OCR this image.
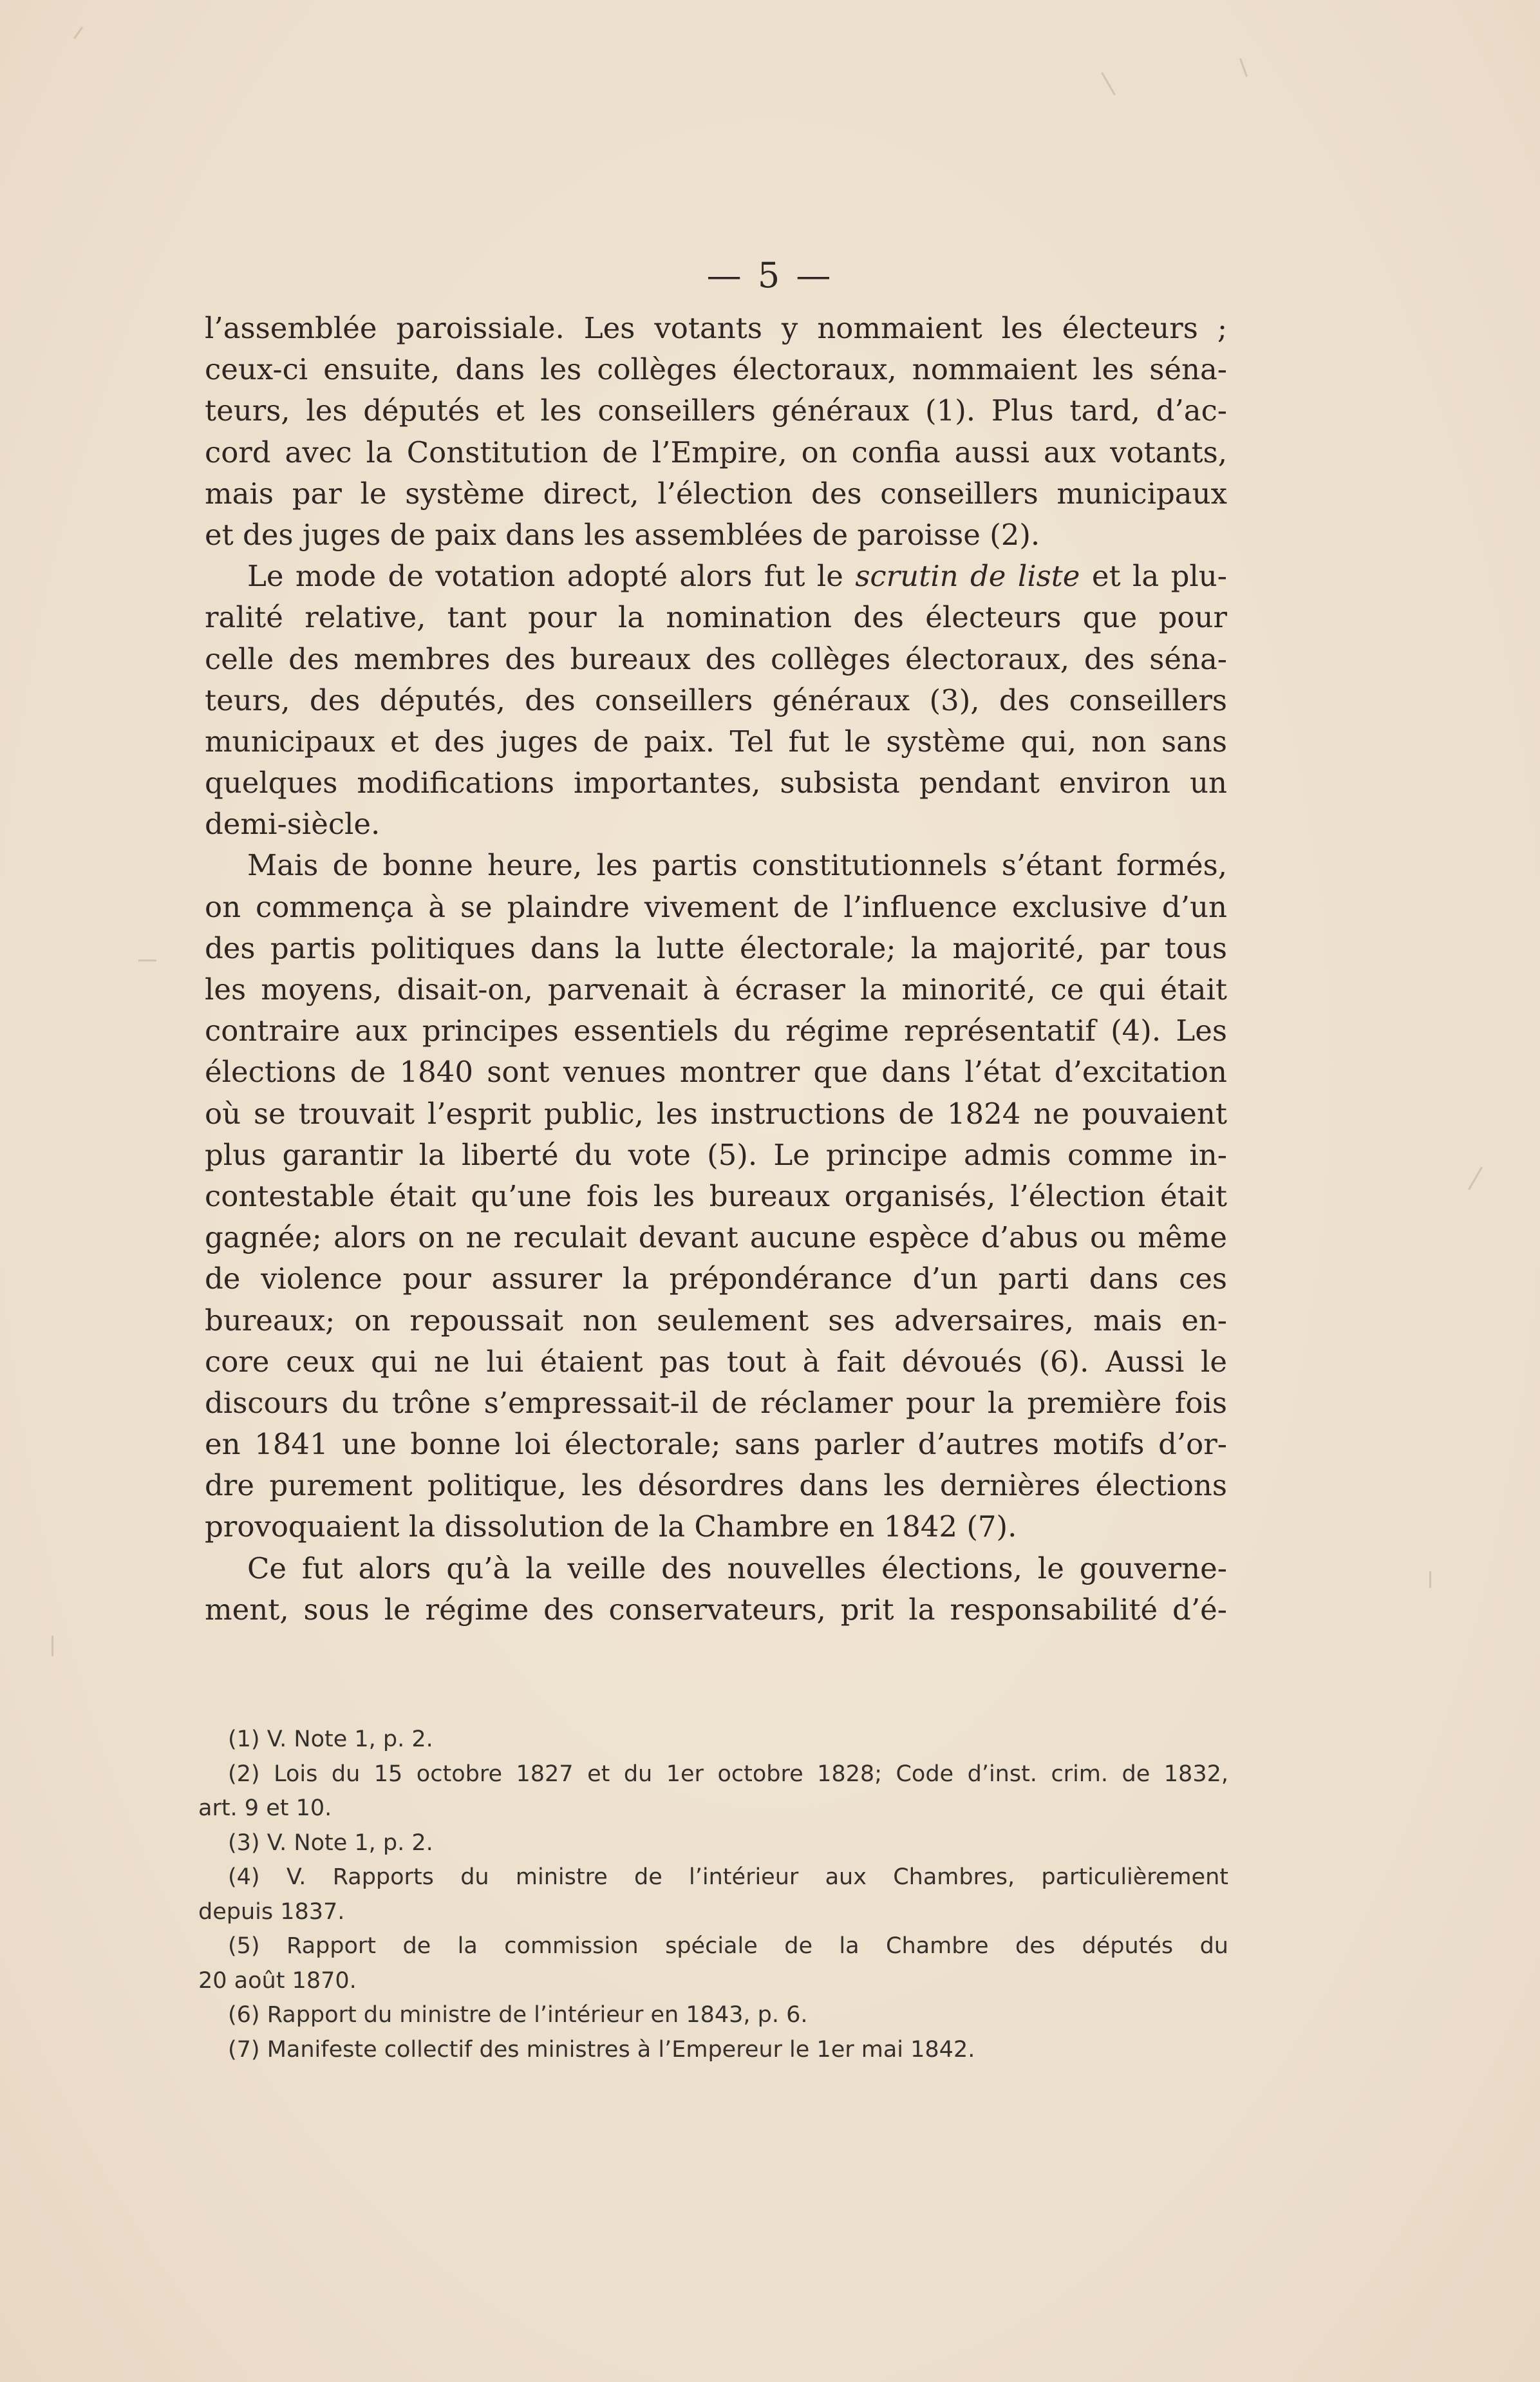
— 5 —
l’assemblée paroissiale. Les votants y nommaient les électeurs ;
ceux-ci ensuite, dans les collèges électoraux, nommaient les séna-
teurs, les députés et les conseillers généraux (1). Plus tard, d’ac-
cord avec la Constitution de l’Empire, on confia aussi aux votants,
mais par le système direct, l’élection des conseillers municipaux
et des juges de paix dans les assemblées de paroisse (2).
Le mode de votation adopté alors fut le scrutin de liste et la plu-
ralité relative, tant pour la nomination des électeurs que pour
celle des membres des bureaux des collèges électoraux, des séna-
teurs, des députés, des conseillers généraux (3), des conseillers
municipaux et des juges de paix. Tel fut le système qui, non sans
quelques modifications importantes, subsista pendant environ un
demi-siècle.
Mais de bonne heure, les partis constitutionnels s’étant formés,
on commença à se plaindre vivement de l’influence exclusive d’un
des partis politiques dans la lutte électorale; la majorité, par tous
les moyens, disait-on, parvenait à écraser la minorité, ce qui était
contraire aux principes essentiels du régime représentatif (4). Les
élections de 1840 sont venues montrer que dans l’état d’excitation
où se trouvait l’esprit public, les instructions de 1824 ne pouvaient
plus garantir la liberté du vote (5). Le principe admis comme in-
contestable était qu’une fois les bureaux organisés, l’élection était
gagnée; alors on ne reculait devant aucune espèce d’abus ou même
de violence pour assurer la prépondérance d’un parti dans ces
bureaux; on repoussait non seulement ses adversaires, mais en-
core ceux qui ne lui étaient pas tout à fait dévoués (6). Aussi le
discours du trône s’empressait-il de réclamer pour la première fois
en 1841 une bonne loi électorale; sans parler d’autres motifs d’or-
dre purement politique, les désordres dans les dernières élections
provoquaient la dissolution de la Chambre en 1842 (7).
Ce fut alors qu’à la veille des nouvelles élections, le gouverne-
ment, sous le régime des conservateurs, prit la responsabilité d’é-
(1) V. Note 1, p. 2.
(2) Lois du 15 octobre 1827 et du 1er octobre 1828; Code d’inst. crim. de 1832,
art. 9 et 10.
(3) V. Note 1, p. 2.
(4) V. Rapports du ministre de l’intérieur aux Chambres, particulièrement
depuis 1837.
(5) Rapport de la commission spéciale de la Chambre des députés du
20 août 1870.
(6) Rapport du ministre de l’intérieur en 1843, p. 6.
(7) Manifeste collectif des ministres à l’Empereur le 1er mai 1842.
